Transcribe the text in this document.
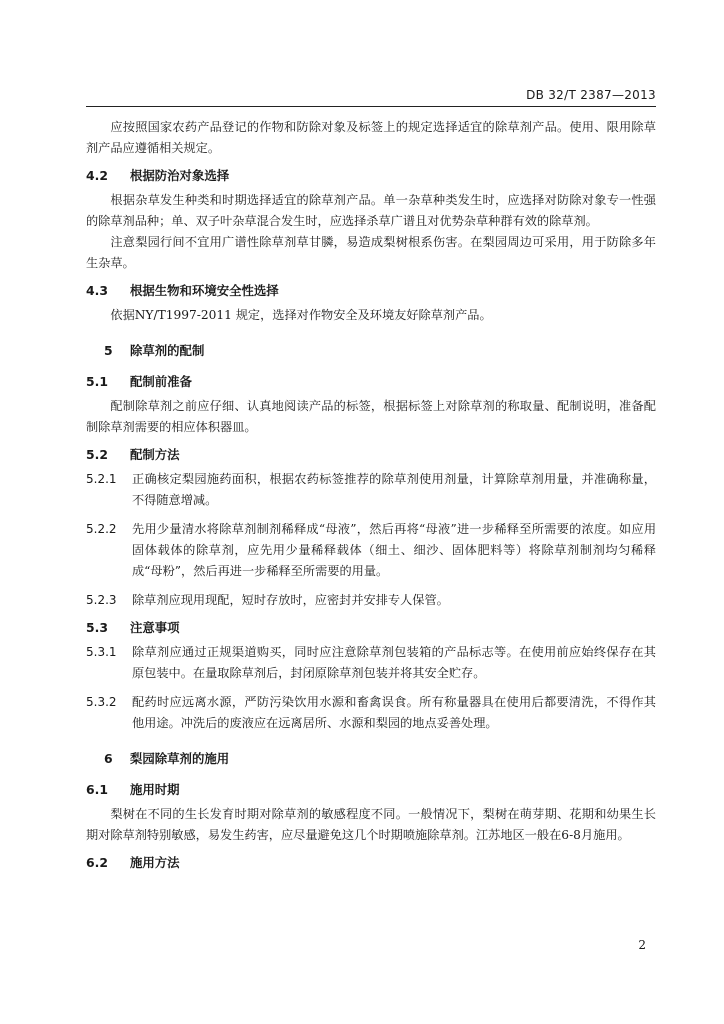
DB 32/T 2387—2013

应按照国家农药产品登记的作物和防除对象及标签上的规定选择适宜的除草剂产品。使用、限用除草剂产品应遵循相关规定。

4.2	根据防治对象选择

根据杂草发生种类和时期选择适宜的除草剂产品。单一杂草种类发生时，应选择对防除对象专一性强的除草剂品种；单、双子叶杂草混合发生时，应选择杀草广谱且对优势杂草种群有效的除草剂。

注意梨园行间不宜用广谱性除草剂草甘膦，易造成梨树根系伤害。在梨园周边可采用，用于防除多年生杂草。

4.3	根据生物和环境安全性选择

依据NY/T1997-2011 规定，选择对作物安全及环境友好除草剂产品。

5	除草剂的配制
5.1	配制前准备

配制除草剂之前应仔细、认真地阅读产品的标签，根据标签上对除草剂的称取量、配制说明，准备配制除草剂需要的相应体积器皿。

5.2	配制方法
5.2.1	正确核定梨园施药面积，根据农药标签推荐的除草剂使用剂量，计算除草剂用量，并准确称量，不得随意增减。
5.2.2	先用少量清水将除草剂制剂稀释成“母液”，然后再将“母液”进一步稀释至所需要的浓度。如应用固体载体的除草剂，应先用少量稀释载体（细土、细沙、固体肥料等）将除草剂制剂均匀稀释成“母粉”，然后再进一步稀释至所需要的用量。
5.2.3	除草剂应现用现配，短时存放时，应密封并安排专人保管。
5.3	注意事项
5.3.1	除草剂应通过正规渠道购买，同时应注意除草剂包装箱的产品标志等。在使用前应始终保存在其原包装中。在量取除草剂后，封闭原除草剂包装并将其安全贮存。
5.3.2	配药时应远离水源，严防污染饮用水源和畜禽误食。所有称量器具在使用后都要清洗，不得作其他用途。冲洗后的废液应在远离居所、水源和梨园的地点妥善处理。
6	梨园除草剂的施用
6.1	施用时期

梨树在不同的生长发育时期对除草剂的敏感程度不同。一般情况下，梨树在萌芽期、花期和幼果生长期对除草剂特别敏感，易发生药害，应尽量避免这几个时期喷施除草剂。江苏地区一般在6-8月施用。

6.2	施用方法
2
